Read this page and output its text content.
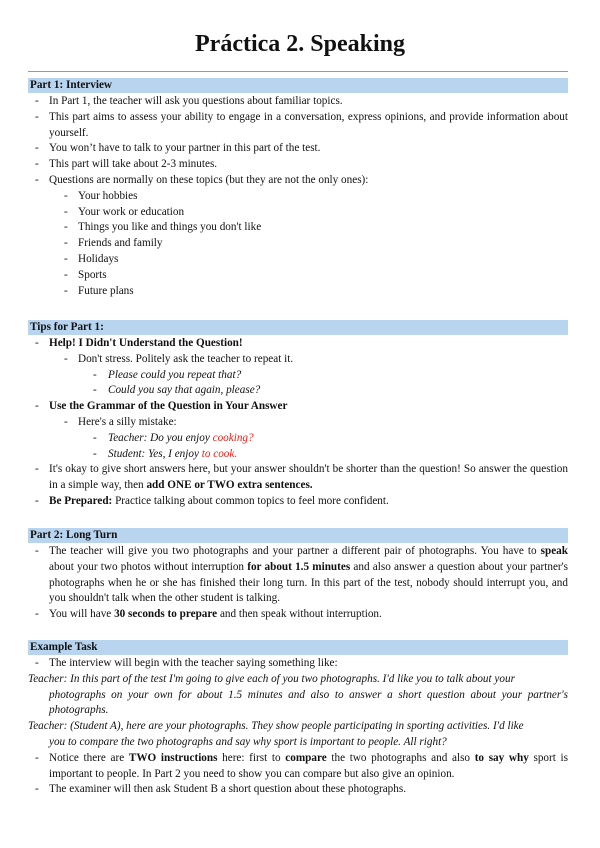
Práctica 2. Speaking
Part 1: Interview
- In Part 1, the teacher will ask you questions about familiar topics.
- This part aims to assess your ability to engage in a conversation, express opinions, and provide information about yourself.
- You won’t have to talk to your partner in this part of the test.
- This part will take about 2-3 minutes.
- Questions are normally on these topics (but they are not the only ones):
- Your hobbies
- Your work or education
- Things you like and things you don't like
- Friends and family
- Holidays
- Sports
- Future plans
Tips for Part 1:
- Help! I Didn't Understand the Question!
- Don't stress. Politely ask the teacher to repeat it.
- Please could you repeat that?
- Could you say that again, please?
- Use the Grammar of the Question in Your Answer
- Here's a silly mistake:
- Teacher: Do you enjoy cooking?
- Student: Yes, I enjoy to cook.
- It's okay to give short answers here, but your answer shouldn't be shorter than the question! So answer the question in a simple way, then add ONE or TWO extra sentences.
- Be Prepared: Practice talking about common topics to feel more confident.
Part 2: Long Turn
- The teacher will give you two photographs and your partner a different pair of photographs. You have to speak about your two photos without interruption for about 1.5 minutes and also answer a question about your partner's photographs when he or she has finished their long turn. In this part of the test, nobody should interrupt you, and you shouldn't talk when the other student is talking.
- You will have 30 seconds to prepare and then speak without interruption.
Example Task
- The interview will begin with the teacher saying something like:
Teacher: In this part of the test I'm going to give each of you two photographs. I'd like you to talk about your
photographs on your own for about 1.5 minutes and also to answer a short question about your partner's photographs.
Teacher: (Student A), here are your photographs. They show people participating in sporting activities. I'd like
you to compare the two photographs and say why sport is important to people. All right?
- Notice there are TWO instructions here: first to compare the two photographs and also to say why sport is important to people. In Part 2 you need to show you can compare but also give an opinion.
- The examiner will then ask Student B a short question about these photographs.
